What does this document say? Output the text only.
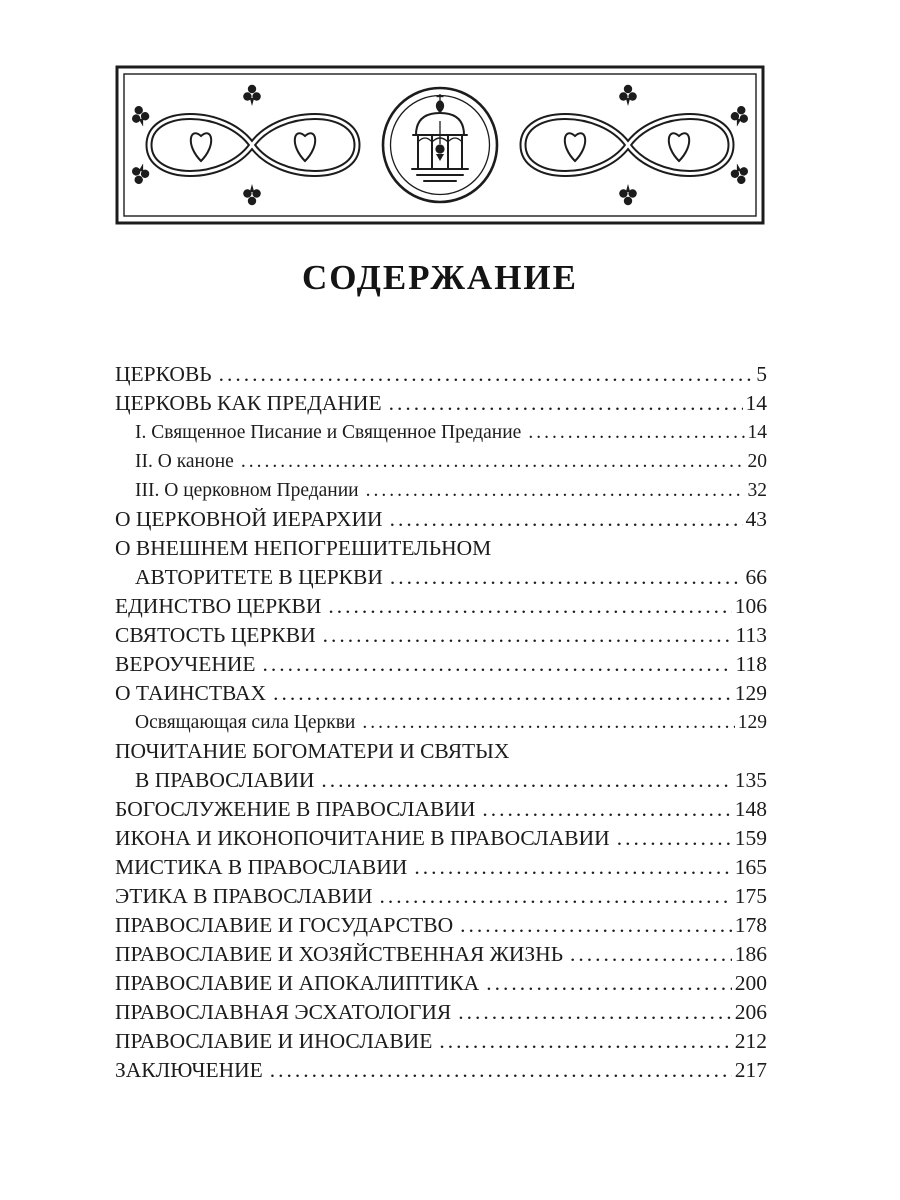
СОДЕРЖАНИЕ
ЦЕРКОВЬ .....	5
ЦЕРКОВЬ КАК ПРЕДАНИЕ .....	14
I. Священное Писание и Священное Предание .....	14
II. О каноне .....	20
III. О церковном Предании .....	32
О ЦЕРКОВНОЙ ИЕРАРХИИ .....	43
О ВНЕШНЕМ НЕПОГРЕШИТЕЛЬНОМ
АВТОРИТЕТЕ В ЦЕРКВИ .....	66
ЕДИНСТВО ЦЕРКВИ .....	106
СВЯТОСТЬ ЦЕРКВИ .....	113
ВЕРОУЧЕНИЕ .....	118
О ТАИНСТВАХ .....	129
Освящающая сила Церкви .....	129
ПОЧИТАНИЕ БОГОМАТЕРИ И СВЯТЫХ
В ПРАВОСЛАВИИ .....	135
БОГОСЛУЖЕНИЕ В ПРАВОСЛАВИИ .....	148
ИКОНА И ИКОНОПОЧИТАНИЕ В ПРАВОСЛАВИИ .....	159
МИСТИКА В ПРАВОСЛАВИИ .....	165
ЭТИКА В ПРАВОСЛАВИИ .....	175
ПРАВОСЛАВИЕ И ГОСУДАРСТВО .....	178
ПРАВОСЛАВИЕ И ХОЗЯЙСТВЕННАЯ ЖИЗНЬ .....	186
ПРАВОСЛАВИЕ И АПОКАЛИПТИКА .....	200
ПРАВОСЛАВНАЯ ЭСХАТОЛОГИЯ .....	206
ПРАВОСЛАВИЕ И ИНОСЛАВИЕ .....	212
ЗАКЛЮЧЕНИЕ .....	217
